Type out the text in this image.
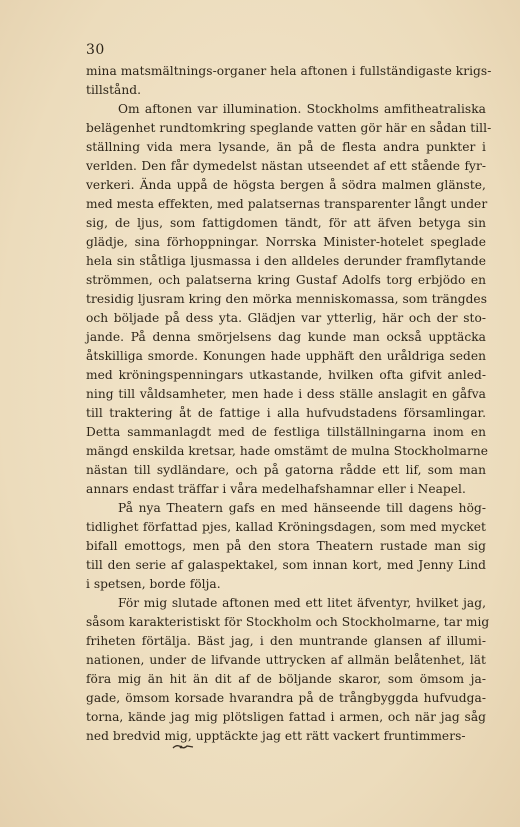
30
mina matsmältnings-organer hela aftonen i fullständigaste krigs-
tillstånd.
Om aftonen var illumination. Stockholms amfitheatraliska
belägenhet rundtomkring speglande vatten gör här en sådan till-
ställning vida mera lysande, än på de flesta andra punkter i
verlden. Den får dymedelst nästan utseendet af ett stående fyr-
verkeri. Ända uppå de högsta bergen å södra malmen glänste,
med mesta effekten, med palatsernas transparenter långt under
sig, de ljus, som fattigdomen tändt, för att äfven betyga sin
glädje, sina förhoppningar. Norrska Minister-hotelet speglade
hela sin ståtliga ljusmassa i den alldeles derunder framflytande
strömmen, och palatserna kring Gustaf Adolfs torg erbjödo en
tresidig ljusram kring den mörka menniskomassa, som trängdes
och böljade på dess yta. Glädjen var ytterlig, här och der sto-
jande. På denna smörjelsens dag kunde man också upptäcka
åtskilliga smorde. Konungen hade upphäft den uråldriga seden
med kröningspenningars utkastande, hvilken ofta gifvit anled-
ning till våldsamheter, men hade i dess ställe anslagit en gåfva
till traktering åt de fattige i alla hufvudstadens församlingar.
Detta sammanlagdt med de festliga tillställningarna inom en
mängd enskilda kretsar, hade omstämt de mulna Stockholmarne
nästan till sydländare, och på gatorna rådde ett lif, som man
annars endast träffar i våra medelhafshamnar eller i Neapel.
På nya Theatern gafs en med hänseende till dagens hög-
tidlighet författad pjes, kallad Kröningsdagen, som med mycket
bifall emottogs, men på den stora Theatern rustade man sig
till den serie af galaspektakel, som innan kort, med Jenny Lind
i spetsen, borde följa.
För mig slutade aftonen med ett litet äfventyr, hvilket jag,
såsom karakteristiskt för Stockholm och Stockholmarne, tar mig
friheten förtälja. Bäst jag, i den muntrande glansen af illumi-
nationen, under de lifvande uttrycken af allmän belåtenhet, lät
föra mig än hit än dit af de böljande skaror, som ömsom ja-
gade, ömsom korsade hvarandra på de trångbyggda hufvudga-
torna, kände jag mig plötsligen fattad i armen, och när jag såg
ned bredvid mig, upptäckte jag ett rätt vackert fruntimmers-
